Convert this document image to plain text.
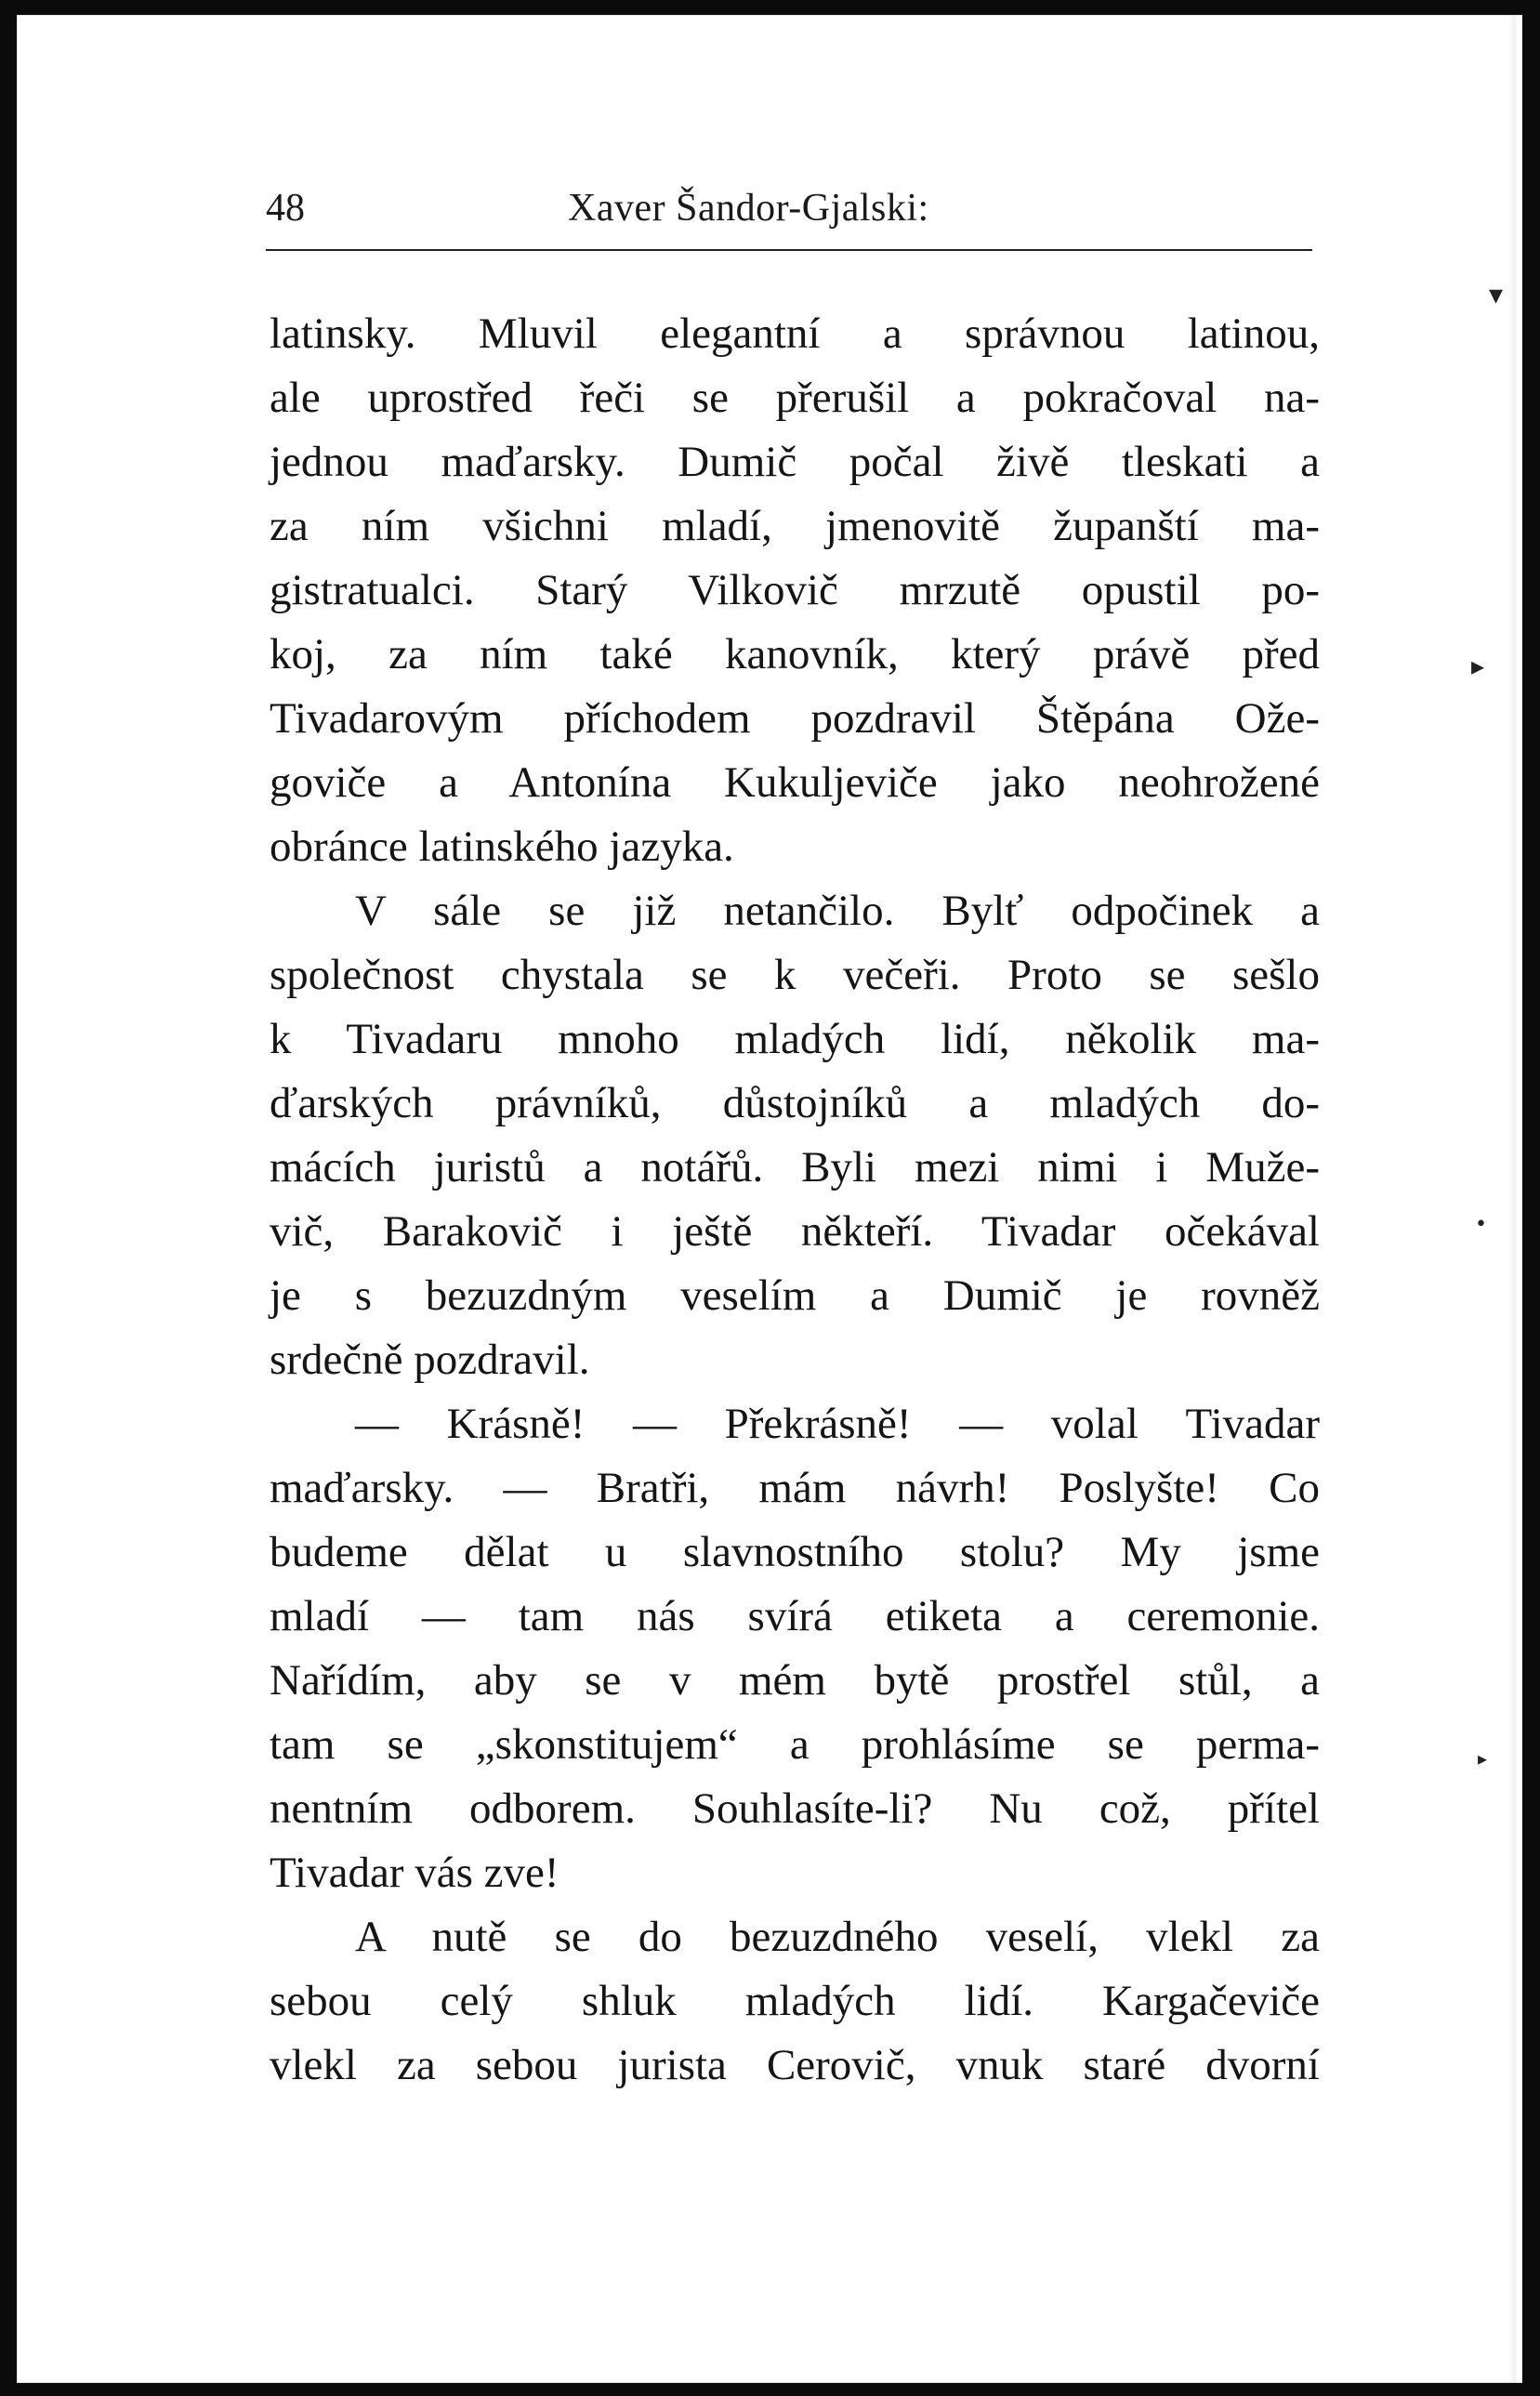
48	Xaver Šandor-Gjalski:
latinsky. Mluvil elegantní a správnou latinou,
ale uprostřed řeči se přerušil a pokračoval na-
jednou maďarsky. Dumič počal živě tleskati a
za ním všichni mladí, jmenovitě županští ma-
gistratualci. Starý Vilkovič mrzutě opustil po-
koj, za ním také kanovník, který právě před
Tivadarovým příchodem pozdravil Štěpána Ože-
goviče a Antonína Kukuljeviče jako neohrožené
obránce latinského jazyka.
V sále se již netančilo. Bylť odpočinek a
společnost chystala se k večeři. Proto se sešlo
k Tivadaru mnoho mladých lidí, několik ma-
ďarských právníků, důstojníků a mladých do-
mácích juristů a notářů. Byli mezi nimi i Muže-
vič, Barakovič i ještě někteří. Tivadar očekával
je s bezuzdným veselím a Dumič je rovněž
srdečně pozdravil.
— Krásně! — Překrásně! — volal Tivadar
maďarsky. — Bratři, mám návrh! Poslyšte! Co
budeme dělat u slavnostního stolu? My jsme
mladí — tam nás svírá etiketa a ceremonie.
Nařídím, aby se v mém bytě prostřel stůl, a
tam se „skonstitujem“ a prohlásíme se perma-
nentním odborem. Souhlasíte-li? Nu což, přítel
Tivadar vás zve!
A nutě se do bezuzdného veselí, vlekl za
sebou celý shluk mladých lidí. Kargačeviče
vlekl za sebou jurista Cerovič, vnuk staré dvorní
▾
▸
•
▸
